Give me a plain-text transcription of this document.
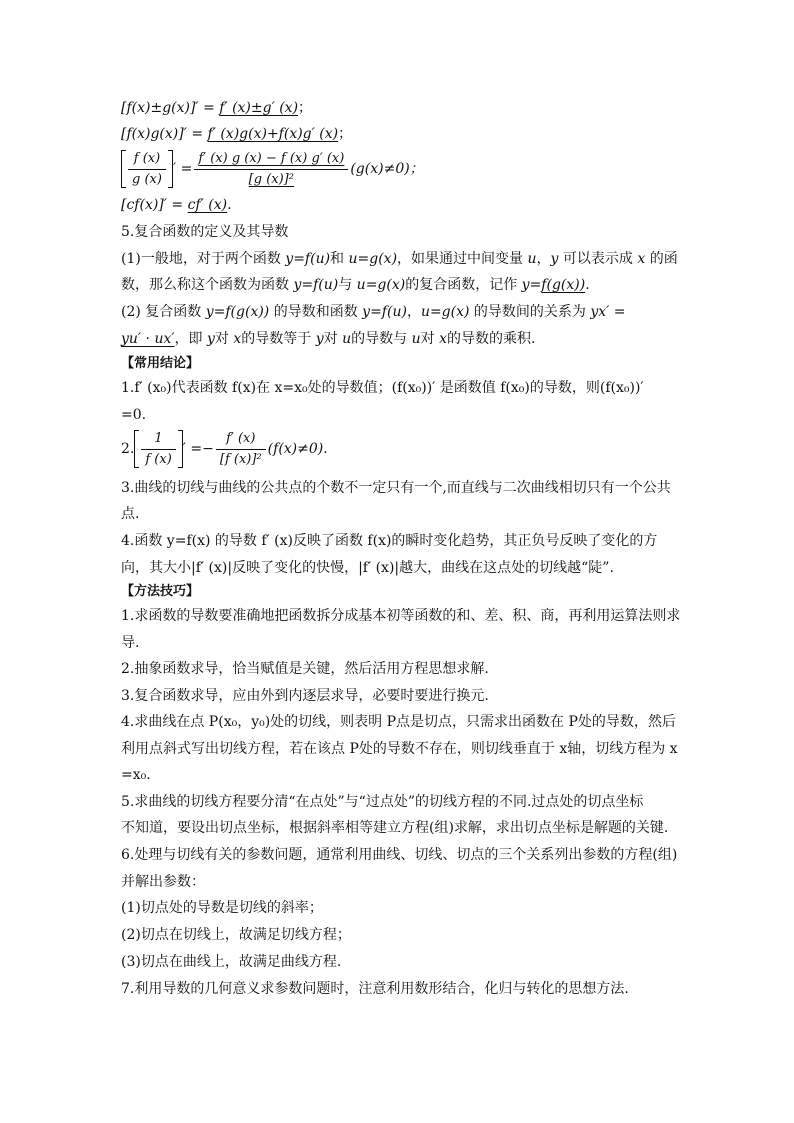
[f(x)±g(x)]′ = f′ (x)±g′ (x)；
[f(x)g(x)]′ = f′ (x)g(x)+f(x)g′ (x)；
$\frac{f (x)}{g (x)}$ ′ = $\frac{f' (x) g (x) - f (x) g' (x)}{\text{[g (x)]²}} (g(x)\ne 0)$；
[cf(x)]′ = cf′ (x).
5.复合函数的定义及其导数
(1)一般地，对于两个函数 y=f(u)和 u=g(x)，如果通过中间变量 u，y 可以表示成 x 的函
数，那么称这个函数为函数 y=f(u)与 u=g(x)的复合函数，记作 y=f(g(x)).
(2) 复合函数 y=f(g(x)) 的导数和函数 y=f(u)，u=g(x) 的导数间的关系为 yx′ =
yu′ · ux′，即 y对 x的导数等于 y对 u的导数与 u对 x的导数的乘积.
【常用结论】
1.f′ (x₀)代表函数 f(x)在 x=x₀处的导数值；(f(x₀))′ 是函数值 f(x₀)的导数，则(f(x₀))′
=0.
2. $\frac{1}{f (x)}$ ′ =− $\frac{f' (x)}{\text{[f (x)]²}} (f(x)\ne 0)$.
3.曲线的切线与曲线的公共点的个数不一定只有一个,而直线与二次曲线相切只有一个公共
点.
4.函数 y=f(x) 的导数 f′ (x)反映了函数 f(x)的瞬时变化趋势，其正负号反映了变化的方
向，其大小|f′ (x)|反映了变化的快慢，|f′ (x)|越大，曲线在这点处的切线越“陡”.
【方法技巧】
1.求函数的导数要准确地把函数拆分成基本初等函数的和、差、积、商，再利用运算法则求
导.
2.抽象函数求导，恰当赋值是关键，然后活用方程思想求解.
3.复合函数求导，应由外到内逐层求导，必要时要进行换元.
4.求曲线在点 P(x₀，y₀)处的切线，则表明 P点是切点，只需求出函数在 P处的导数，然后
利用点斜式写出切线方程，若在该点 P处的导数不存在，则切线垂直于 x轴，切线方程为 x
=x₀.
5.求曲线的切线方程要分清“在点处”与“过点处”的切线方程的不同.过点处的切点坐标
不知道，要设出切点坐标，根据斜率相等建立方程(组)求解，求出切点坐标是解题的关键.
6.处理与切线有关的参数问题，通常利用曲线、切线、切点的三个关系列出参数的方程(组)
并解出参数：
(1)切点处的导数是切线的斜率；
(2)切点在切线上，故满足切线方程；
(3)切点在曲线上，故满足曲线方程.
7.利用导数的几何意义求参数问题时，注意利用数形结合，化归与转化的思想方法.
